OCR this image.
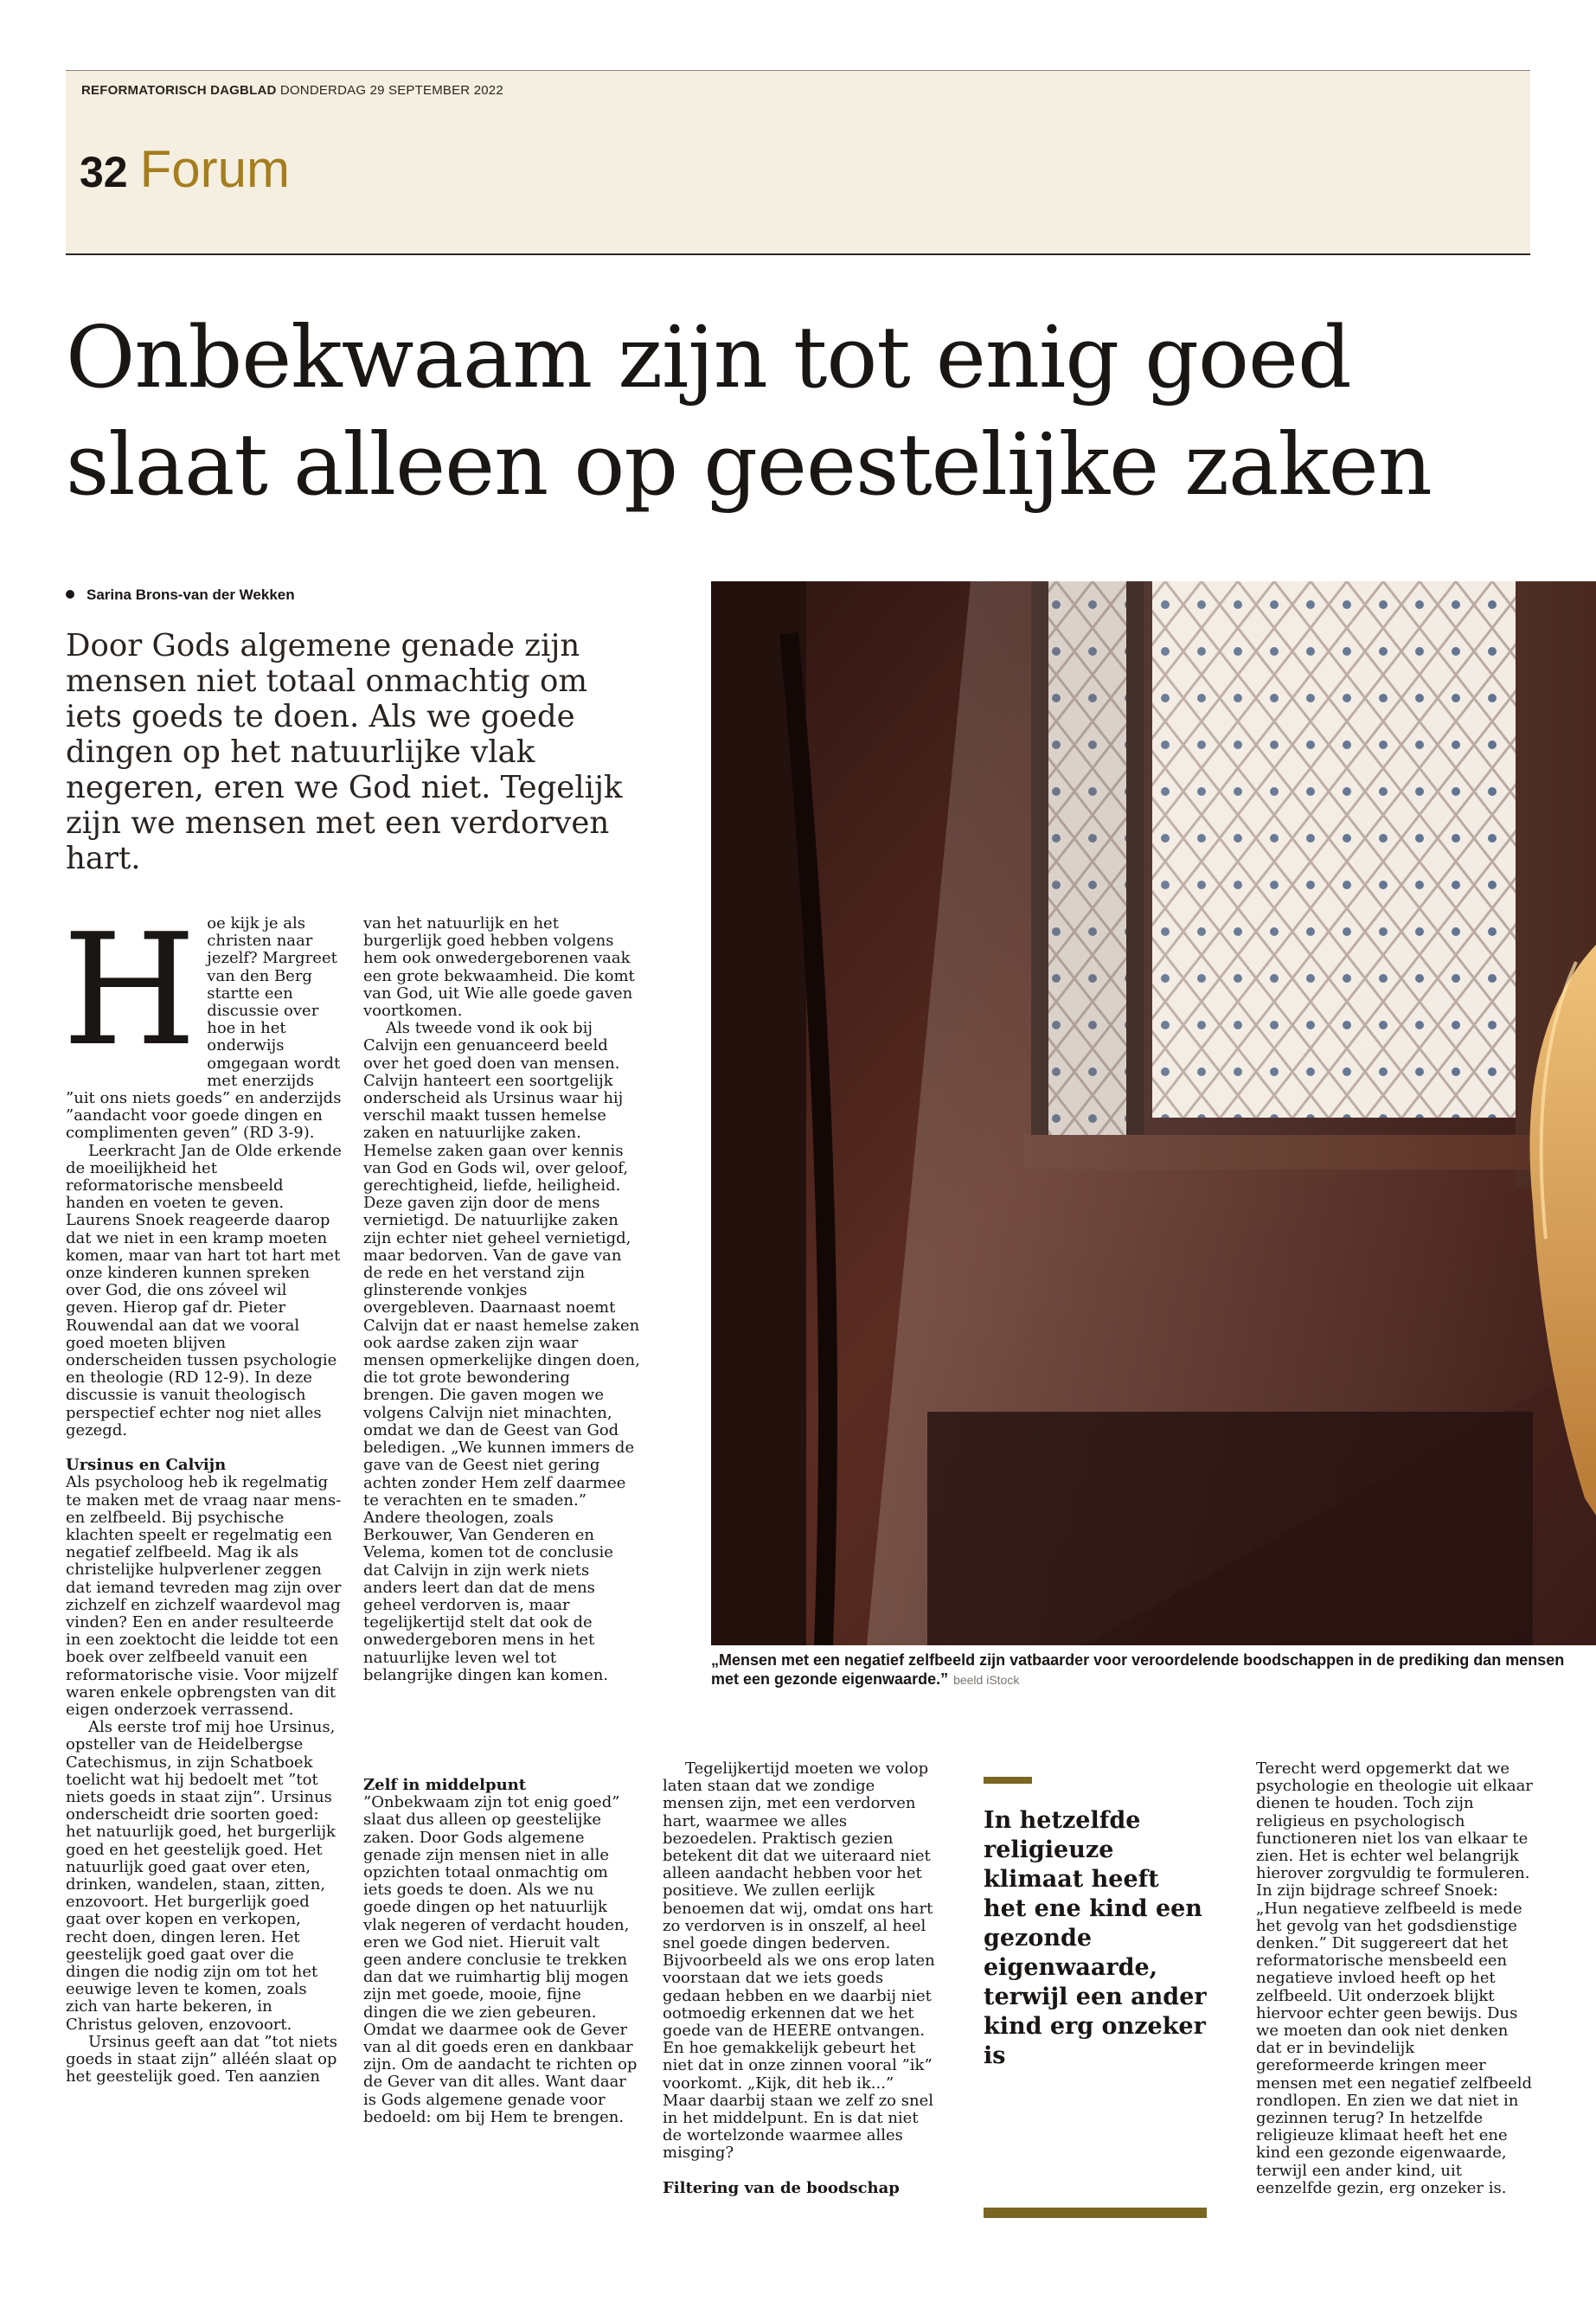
REFORMATORISCH DAGBLAD DONDERDAG 29 SEPTEMBER 2022
32 Forum
Onbekwaam zijn tot enig goed
slaat alleen op geestelijke zaken
Sarina Brons-van der Wekken

Door Gods algemene genade zijn mensen niet totaal onmachtig om iets goeds te doen. Als we goede dingen op het natuurlijke vlak negeren, eren we God niet. Tegelijk zijn we mensen met een verdorven hart.

„Mensen met een negatief zelfbeeld zijn vatbaarder voor veroordelende boodschappen in de prediking dan mensen met een gezonde eigenwaarde.” beeld iStock

H oe kijk je als christen naar jezelf? Margreet van den Berg startte een discussie over hoe in het onderwijs omgegaan wordt met enerzijds ”uit ons niets goeds” en anderzijds ”aandacht voor goede dingen en complimenten geven” (RD 3-9).

Leerkracht Jan de Olde erkende de moeilijkheid het reformatorische mensbeeld handen en voeten te geven. Laurens Snoek reageerde daarop dat we niet in een kramp moeten komen, maar van hart tot hart met onze kinderen kunnen spreken over God, die ons zóveel wil geven. Hierop gaf dr. Pieter Rouwendal aan dat we vooral goed moeten blijven onderscheiden tussen psychologie en theologie (RD 12-9). In deze discussie is vanuit theologisch perspectief echter nog niet alles gezegd.

Ursinus en Calvijn

Als psycholoog heb ik regelmatig te maken met de vraag naar mens- en zelfbeeld. Bij psychische klachten speelt er regelmatig een negatief zelfbeeld. Mag ik als christelijke hulpverlener zeggen dat iemand tevreden mag zijn over zichzelf en zichzelf waardevol mag vinden? Een en ander resulteerde in een zoektocht die leidde tot een boek over zelfbeeld vanuit een reformatorische visie. Voor mijzelf waren enkele opbrengsten van dit eigen onderzoek verrassend.

Als eerste trof mij hoe Ursinus, opsteller van de Heidelbergse Catechismus, in zijn Schatboek toelicht wat hij bedoelt met ”tot niets goeds in staat zijn”. Ursinus onderscheidt drie soorten goed: het natuurlijk goed, het burgerlijk goed en het geestelijk goed. Het natuurlijk goed gaat over eten, drinken, wandelen, staan, zitten, enzovoort. Het burgerlijk goed gaat over kopen en verkopen, recht doen, dingen leren. Het geestelijk goed gaat over die dingen die nodig zijn om tot het eeuwige leven te komen, zoals zich van harte bekeren, in Christus geloven, enzovoort.

Ursinus geeft aan dat ”tot niets goeds in staat zijn” alléén slaat op het geestelijk goed. Ten aanzien

van het natuurlijk en het burgerlijk goed hebben volgens hem ook onwedergeborenen vaak een grote bekwaamheid. Die komt van God, uit Wie alle goede gaven voortkomen.

Als tweede vond ik ook bij Calvijn een genuanceerd beeld over het goed doen van mensen. Calvijn hanteert een soortgelijk onderscheid als Ursinus waar hij verschil maakt tussen hemelse zaken en natuurlijke zaken. Hemelse zaken gaan over kennis van God en Gods wil, over geloof, gerechtigheid, liefde, heiligheid. Deze gaven zijn door de mens vernietigd. De natuurlijke zaken zijn echter niet geheel vernietigd, maar bedorven. Van de gave van de rede en het verstand zijn glinsterende vonkjes overgebleven. Daarnaast noemt Calvijn dat er naast hemelse zaken ook aardse zaken zijn waar mensen opmerkelijke dingen doen, die tot grote bewondering brengen. Die gaven mogen we volgens Calvijn niet minachten, omdat we dan de Geest van God beledigen. „We kunnen immers de gave van de Geest niet gering achten zonder Hem zelf daarmee te verachten en te smaden.” Andere theologen, zoals Berkouwer, Van Genderen en Velema, komen tot de conclusie dat Calvijn in zijn werk niets anders leert dan dat de mens geheel verdorven is, maar tegelijkertijd stelt dat ook de onwedergeboren mens in het natuurlijke leven wel tot belangrijke dingen kan komen.

Zelf in middelpunt

”Onbekwaam zijn tot enig goed” slaat dus alleen op geestelijke zaken. Door Gods algemene genade zijn mensen niet in alle opzichten totaal onmachtig om iets goeds te doen. Als we nu goede dingen op het natuurlijk vlak negeren of verdacht houden, eren we God niet. Hieruit valt geen andere conclusie te trekken dan dat we ruimhartig blij mogen zijn met goede, mooie, fijne dingen die we zien gebeuren. Omdat we daarmee ook de Gever van al dit goeds eren en dankbaar zijn. Om de aandacht te richten op de Gever van dit alles. Want daar is Gods algemene genade voor bedoeld: om bij Hem te brengen.

Tegelijkertijd moeten we volop laten staan dat we zondige mensen zijn, met een verdorven hart, waarmee we alles bezoedelen. Praktisch gezien betekent dit dat we uiteraard niet alleen aandacht hebben voor het positieve. We zullen eerlijk benoemen dat wij, omdat ons hart zo verdorven is in onszelf, al heel snel goede dingen bederven. Bijvoorbeeld als we ons erop laten voorstaan dat we iets goeds gedaan hebben en we daarbij niet ootmoedig erkennen dat we het goede van de HEERE ontvangen. En hoe gemakkelijk gebeurt het niet dat in onze zinnen vooral ”ik” voorkomt. „Kijk, dit heb ik...” Maar daarbij staan we zelf zo snel in het middelpunt. En is dat niet de wortelzonde waarmee alles misging?

Filtering van de boodschap

Terecht werd opgemerkt dat we psychologie en theologie uit elkaar dienen te houden. Toch zijn religieus en psychologisch functioneren niet los van elkaar te zien. Het is echter wel belangrijk hierover zorgvuldig te formuleren. In zijn bijdrage schreef Snoek: „Hun negatieve zelfbeeld is mede het gevolg van het godsdienstige denken.” Dit suggereert dat het reformatorische mensbeeld een negatieve invloed heeft op het zelfbeeld. Uit onderzoek blijkt hiervoor echter geen bewijs. Dus we moeten dan ook niet denken dat er in bevindelijk gereformeerde kringen meer mensen met een negatief zelfbeeld rondlopen. En zien we dat niet in gezinnen terug? In hetzelfde religieuze klimaat heeft het ene kind een gezonde eigenwaarde, terwijl een ander kind, uit eenzelfde gezin, erg onzeker is.

In hetzelfde religieuze klimaat heeft het ene kind een gezonde eigenwaarde, terwijl een ander kind erg onzeker is
